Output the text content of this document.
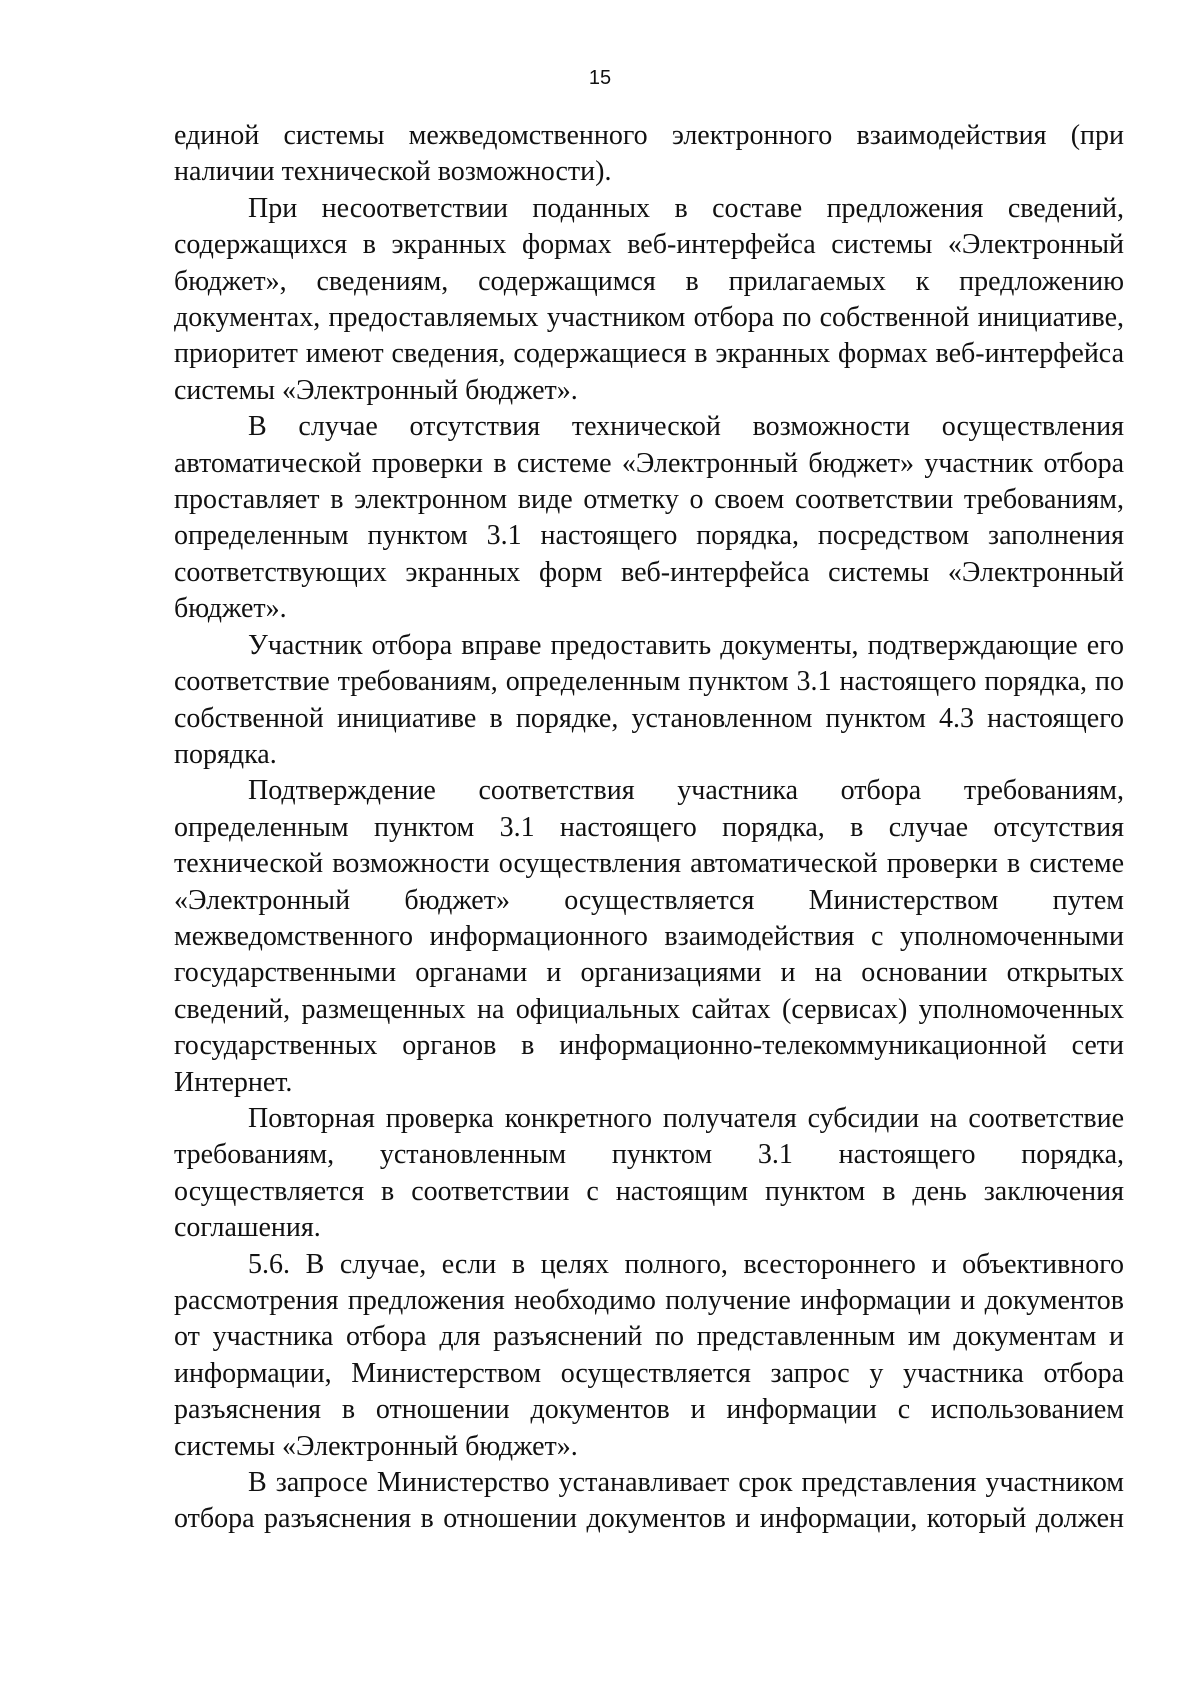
15

единой системы межведомственного электронного взаимодействия (при наличии технической возможности).

При несоответствии поданных в составе предложения сведений, содержащихся в экранных формах веб-интерфейса системы «Электронный бюджет», сведениям, содержащимся в прилагаемых к предложению документах, предоставляемых участником отбора по собственной инициативе, приоритет имеют сведения, содержащиеся в экранных формах веб-интерфейса системы «Электронный бюджет».

В случае отсутствия технической возможности осуществления автоматической проверки в системе «Электронный бюджет» участник отбора проставляет в электронном виде отметку о своем соответствии требованиям, определенным пунктом 3.1 настоящего порядка, посредством заполнения соответствующих экранных форм веб-интерфейса системы «Электронный бюджет».

Участник отбора вправе предоставить документы, подтверждающие его соответствие требованиям, определенным пунктом 3.1 настоящего порядка, по собственной инициативе в порядке, установленном пунктом 4.3 настоящего порядка.

Подтверждение соответствия участника отбора требованиям, определенным пунктом 3.1 настоящего порядка, в случае отсутствия технической возможности осуществления автоматической проверки в системе «Электронный бюджет» осуществляется Министерством путем межведомственного информационного взаимодействия с уполномоченными государственными органами и организациями и на основании открытых сведений, размещенных на официальных сайтах (сервисах) уполномоченных государственных органов в информационно-телекоммуникационной сети Интернет.

Повторная проверка конкретного получателя субсидии на соответствие требованиям, установленным пунктом 3.1 настоящего порядка, осуществляется в соответствии с настоящим пунктом в день заключения соглашения.

5.6. В случае, если в целях полного, всестороннего и объективного рассмотрения предложения необходимо получение информации и документов от участника отбора для разъяснений по представленным им документам и информации, Министерством осуществляется запрос у участника отбора разъяснения в отношении документов и информации с использованием системы «Электронный бюджет».

В запросе Министерство устанавливает срок представления участником отбора разъяснения в отношении документов и информации, который должен
